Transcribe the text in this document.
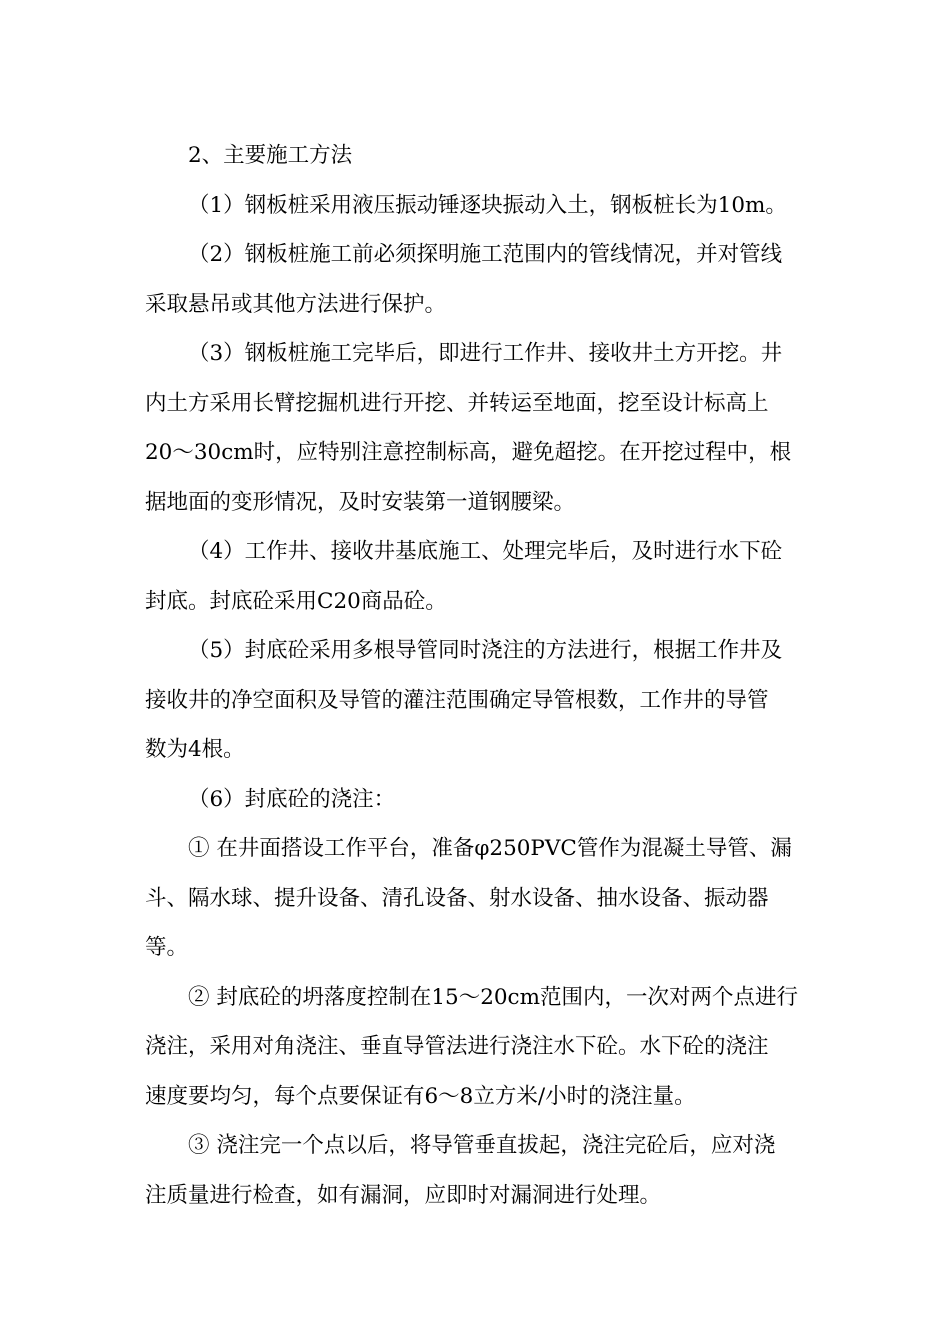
2、主要施工方法
（1）钢板桩采用液压振动锤逐块振动入土，钢板桩长为10m。
（2）钢板桩施工前必须探明施工范围内的管线情况，并对管线
采取悬吊或其他方法进行保护。
（3）钢板桩施工完毕后，即进行工作井、接收井土方开挖。井
内土方采用长臂挖掘机进行开挖、并转运至地面，挖至设计标高上
20～30cm时，应特别注意控制标高，避免超挖。在开挖过程中，根
据地面的变形情况，及时安装第一道钢腰梁。
（4）工作井、接收井基底施工、处理完毕后，及时进行水下砼
封底。封底砼采用C20商品砼。
（5）封底砼采用多根导管同时浇注的方法进行，根据工作井及
接收井的净空面积及导管的灌注范围确定导管根数，工作井的导管
数为4根。
（6）封底砼的浇注：
① 在井面搭设工作平台，准备φ250PVC管作为混凝土导管、漏
斗、隔水球、提升设备、清孔设备、射水设备、抽水设备、振动器
等。
② 封底砼的坍落度控制在15～20cm范围内，一次对两个点进行
浇注，采用对角浇注、垂直导管法进行浇注水下砼。水下砼的浇注
速度要均匀，每个点要保证有6～8立方米/小时的浇注量。
③ 浇注完一个点以后，将导管垂直拔起，浇注完砼后，应对浇
注质量进行检查，如有漏洞，应即时对漏洞进行处理。
